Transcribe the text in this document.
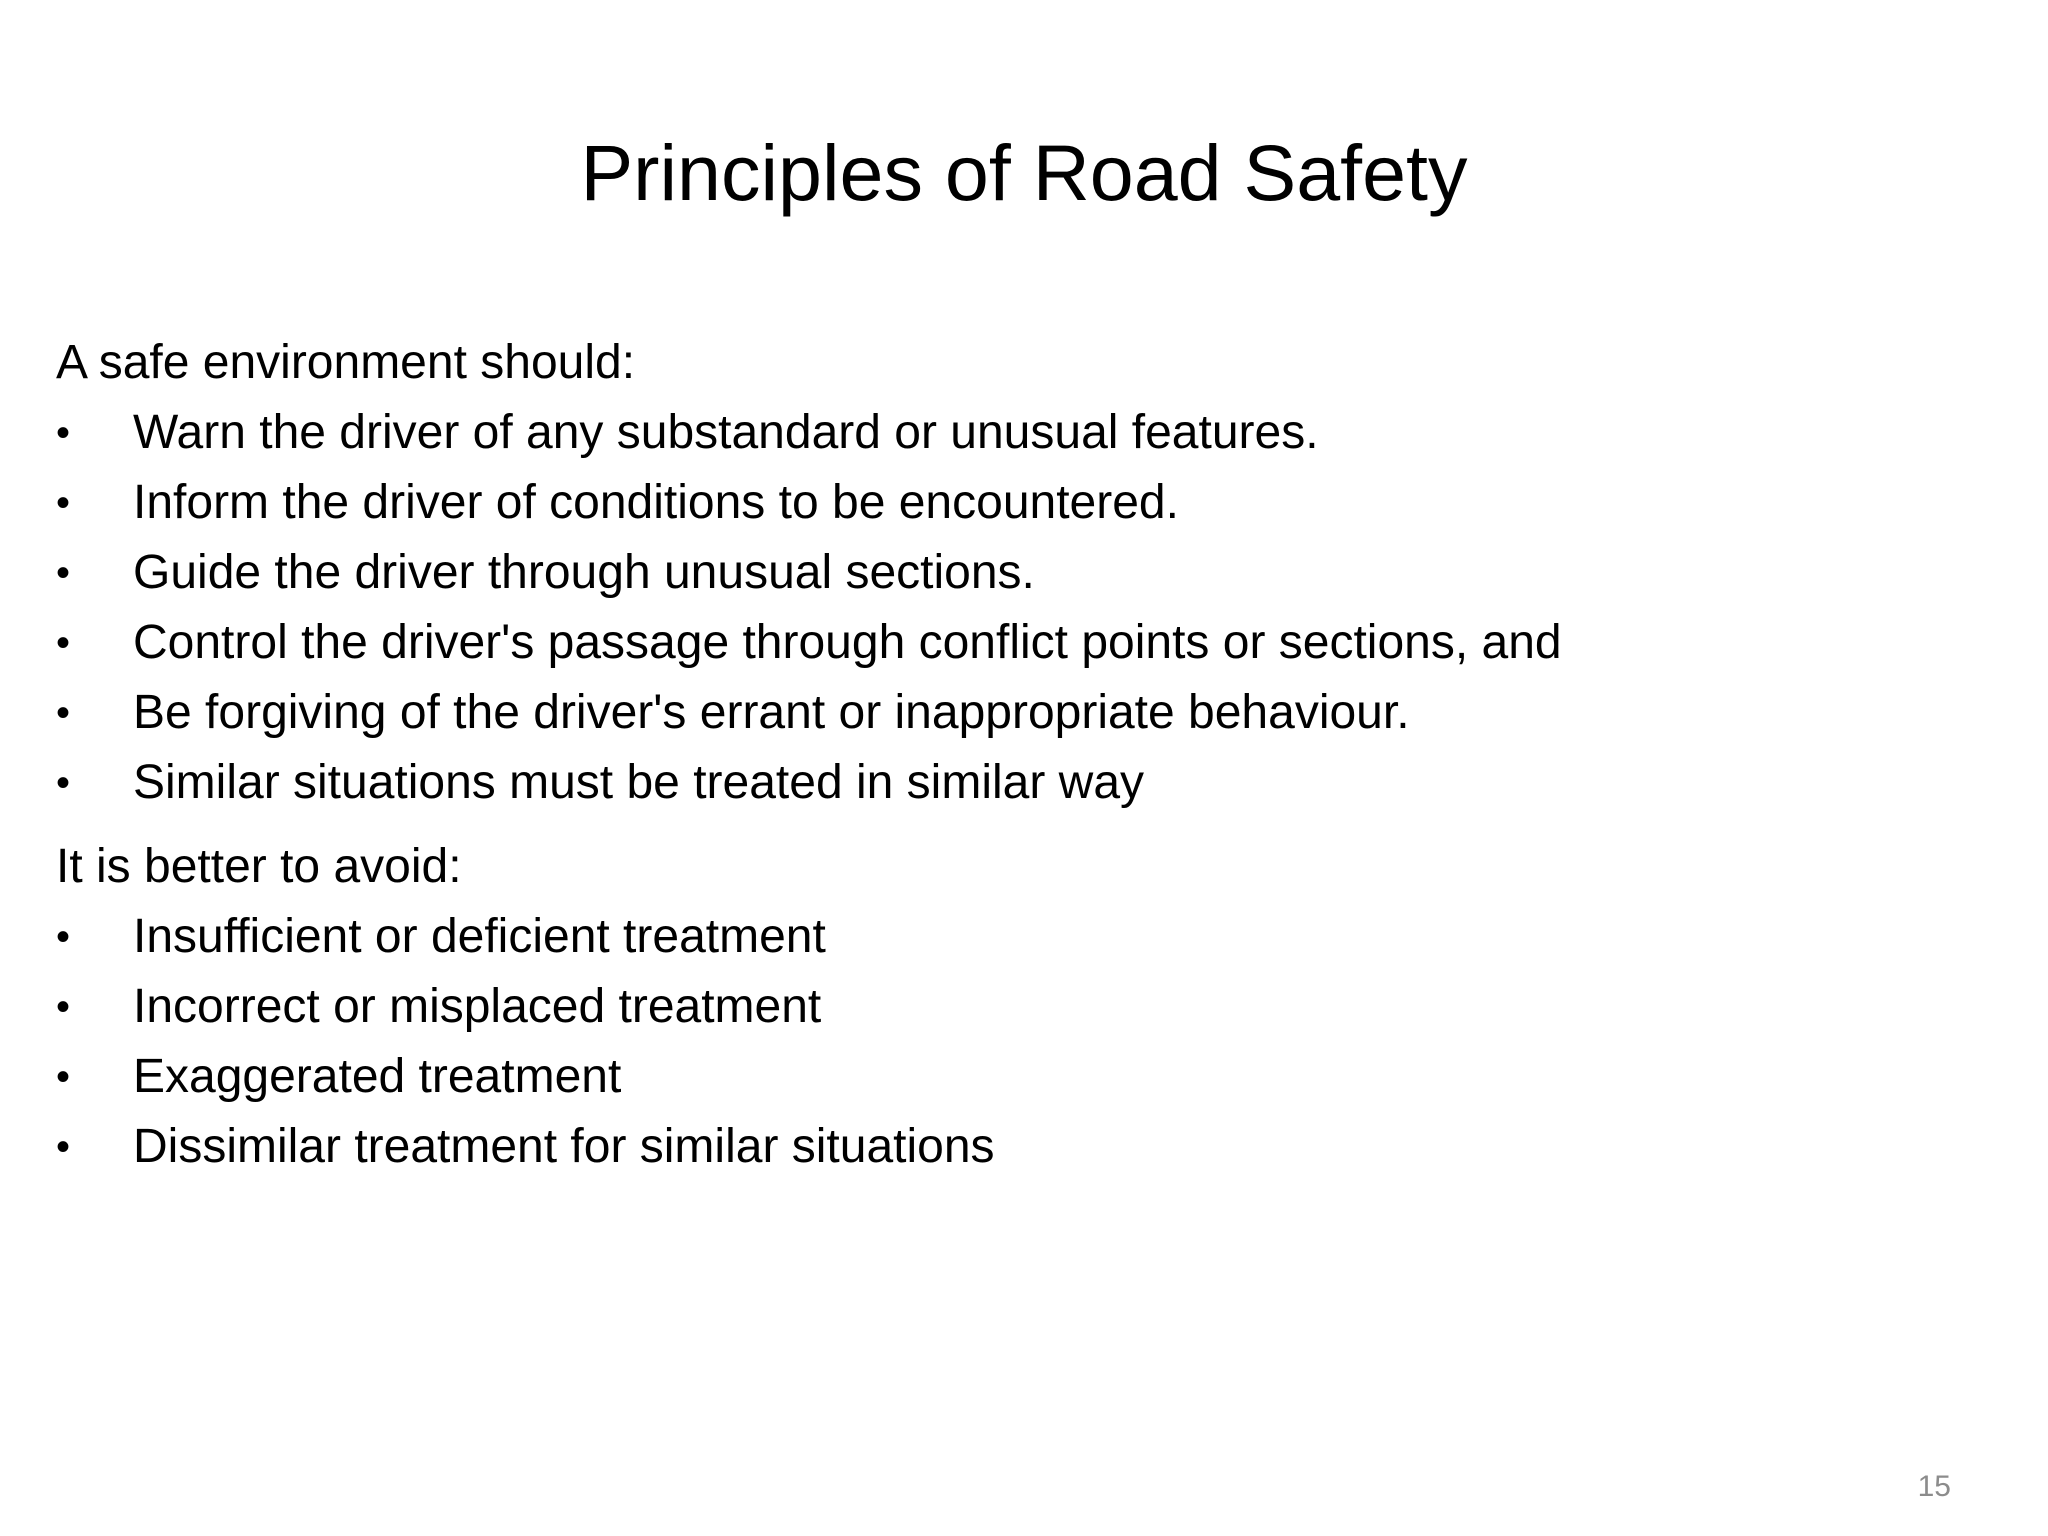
Principles of Road Safety

A safe environment should:

•	Warn the driver of any substandard or unusual features.
•	Inform the driver of conditions to be encountered.
•	Guide the driver through unusual sections.
•	Control the driver's passage through conflict points or sections, and
•	Be forgiving of the driver's errant or inappropriate behaviour.
•	Similar situations must be treated in similar way

It is better to avoid:

•	Insufficient or deficient treatment
•	Incorrect or misplaced treatment
•	Exaggerated treatment
•	Dissimilar treatment for similar situations

15
